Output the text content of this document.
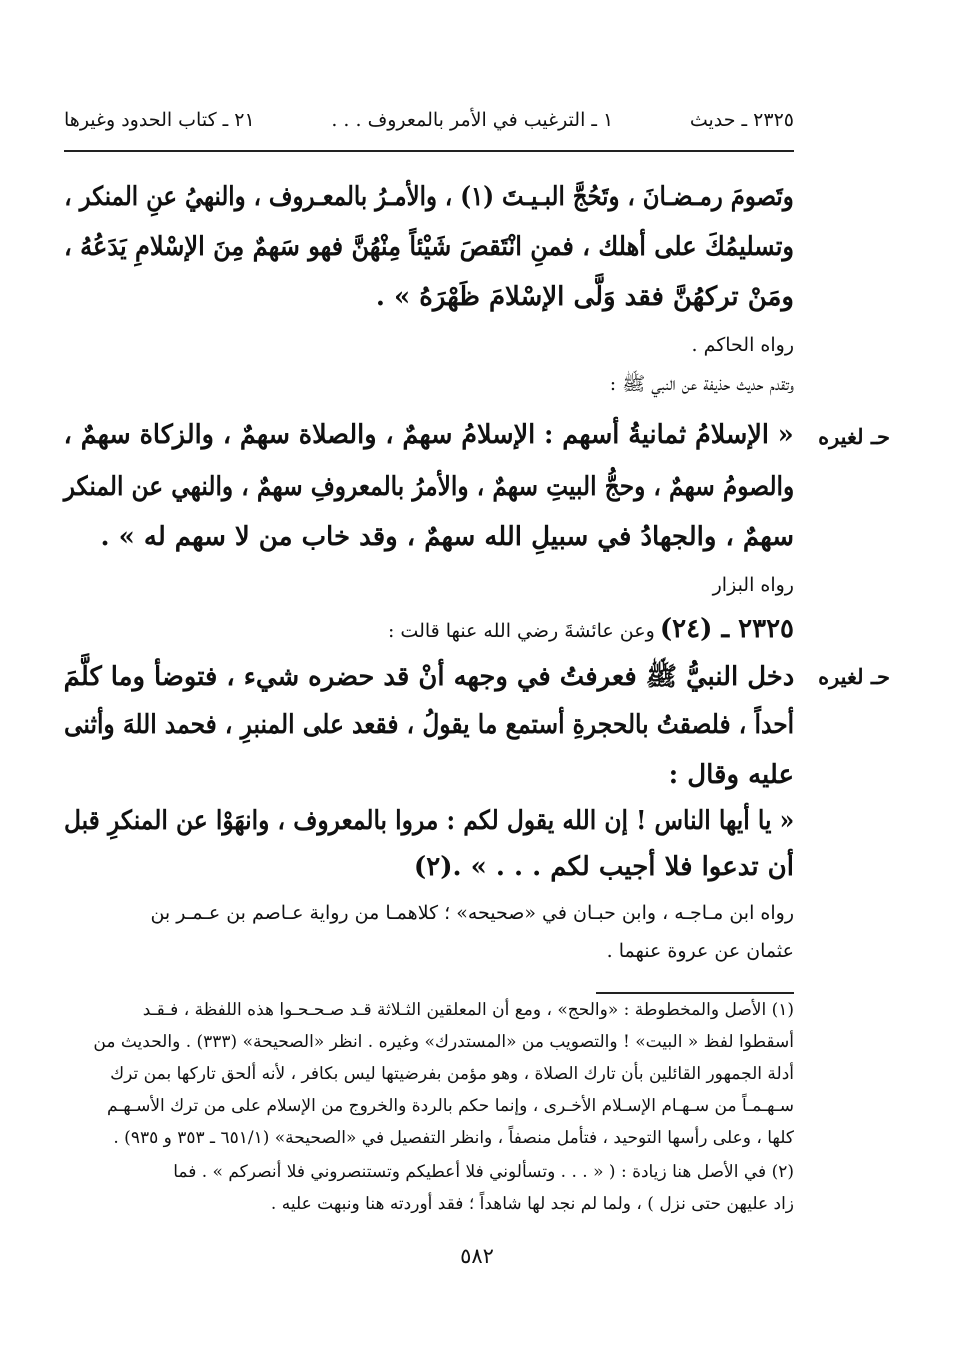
٢١ ـ كتاب الحدود وغيرها	١ ـ الترغيب في الأمر بالمعروف . . .	٢٣٢٥ ـ حديث
وتَصومَ رمـضـانَ ، وتَحُجَّ البـيـتَ (١) ، والأمـرُ بالمعـروف ، والنهيُ عنِ المنكر ،
وتسليمُكَ على أهلك ، فمنِ انْتَقصَ شَيْئاً مِنْهُنَّ فهو سَهمٌ مِنَ الإسْلامِ يَدَعُهُ ،
ومَنْ تركهُنَّ فقد وَلَّى الإسْلامَ ظَهْرَهُ » .
رواه الحاكم .
وتقدم حديث حذيفة عن النبي ﷺ :
حـ لغيره
« الإسلامُ ثمانيةُ أسهم : الإسلامُ سهمٌ ، والصلاة سهمٌ ، والزكاة سهمٌ ،
والصومُ سهمٌ ، وحجُّ البيتِ سهمٌ ، والأمرُ بالمعروفِ سهمٌ ، والنهي عن المنكر
سهمٌ ، والجهادُ في سبيلِ الله سهمٌ ، وقد خاب من لا سهم له » .
رواه البزار
٢٣٢٥ ـ (٢٤) وعن عائشةَ رضي الله عنها قالت :
حـ لغيره
دخل النبيُّ ﷺ فعرفتُ في وجهه أنْ قد حضره شيء ، فتوضأ وما كلَّمَ
أحداً ، فلصقتُ بالحجرةِ أستمع ما يقولُ ، فقعد على المنبرِ ، فحمد اللهَ وأثنى
عليه وقال :
« يا أيها الناس ! إن الله يقول لكم : مروا بالمعروف ، وانهَوْا عن المنكرِ قبل
أن تدعوا فلا أجيب لكم . . . » .(٢)
رواه ابن مـاجـه ، وابن حبـان في «صحيحه» ؛ كلاهمـا من رواية عـاصم بن عـمـر بن
عثمان عن عروة عنهما .
(١) الأصل والمخطوطة : «والحج» ، ومع أن المعلقين الثـلاثة قـد صـحـحـوا هذه اللفظة ، فـقـد
أسقطوا لفظ « البيت» ! والتصويب من «المستدرك» وغيره . انظر «الصحيحة» (٣٣٣) . والحديث من
أدلة الجمهور القائلين بأن تارك الصلاة ، وهو مؤمن بفرضيتها ليس بكافر ، لأنه ألحق تاركها بمن ترك
سـهـمـاً من سـهـام الإسـلام الأخـرى ، وإنما حكم بالردة والخروج من الإسلام على من ترك الأسـهـم
كلها ، وعلى رأسها التوحيد ، فتأمل منصفاً ، وانظر التفصيل في «الصحيحة» (٦٥١/١ ـ ٣٥٣ و ٩٣٥) .
(٢) في الأصل هنا زيادة : ( « . . . وتسألوني فلا أعطيكم وتستنصروني فلا أنصركم » . فما
زاد عليهن حتى نزل ) ، ولما لم نجد لها شاهداً ؛ فقد أوردته هنا ونبهت عليه .
٥٨٢
